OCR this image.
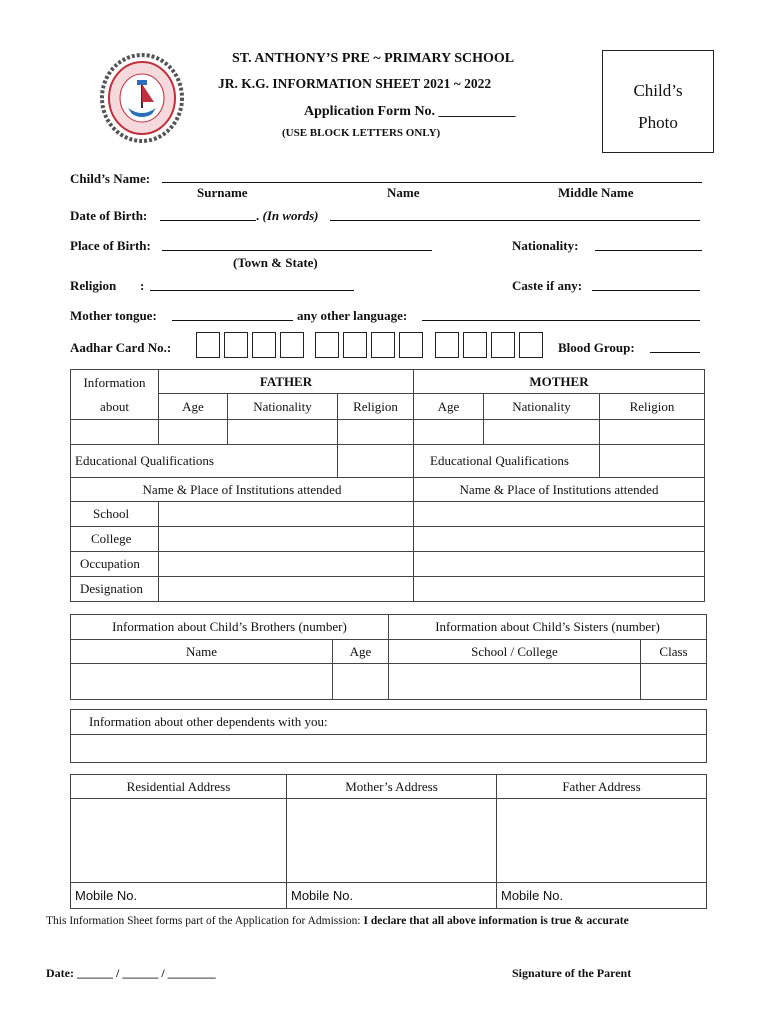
ST. ANTHONY’S PRE ~ PRIMARY SCHOOL
JR. K.G. INFORMATION SHEET 2021 ~ 2022
Application Form No. ___________
(USE BLOCK LETTERS ONLY)
Child’s
Photo
Child’s Name:
Surname	Name	Middle Name
Date of Birth:	. (In words)
Place of Birth:
(Town & State)
Nationality:
Religion :	Caste if any:
Mother tongue:	any other language:
Aadhar Card No.:	Blood Group:
Information
about	FATHER			MOTHER		
	Age	Nationality	Religion	Age	Nationality	Religion

Educational Qualifications				Educational Qualifications		
Name & Place of Institutions attended				Name & Place of Institutions attended		
School						
College						
Occupation						
Designation						
Information about Child’s Brothers (number)		Information about Child’s Sisters (number)	
Name	Age	School / College	Class

Information about other dependents with you:

Residential Address	Mother’s Address	Father Address

Mobile No.	Mobile No.	Mobile No.
This Information Sheet forms part of the Application for Admission: I declare that all above information is true & accurate
Date: ______ / ______ / ________	Signature of the Parent
